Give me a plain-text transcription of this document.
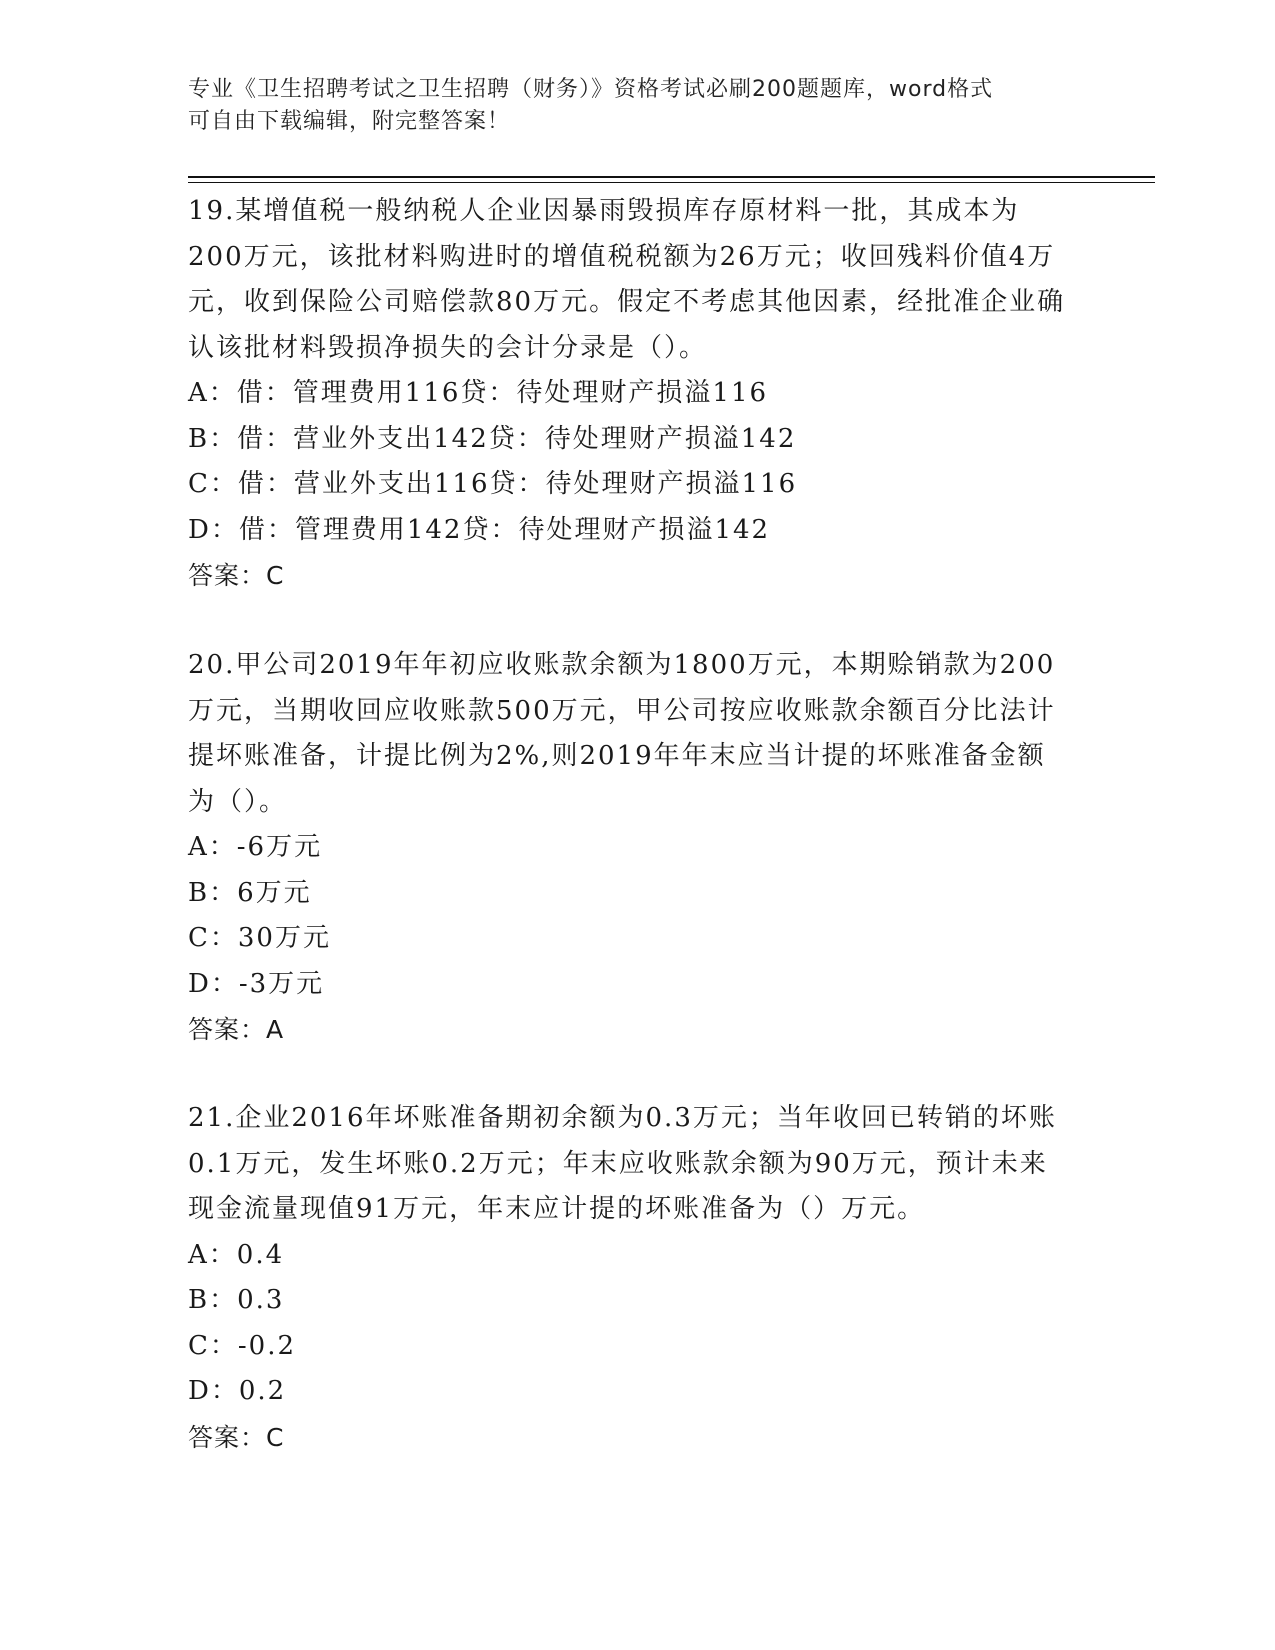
专业《卫生招聘考试之卫生招聘（财务）》资格考试必刷200题题库，word格式

可自由下载编辑，附完整答案！

19.某增值税一般纳税人企业因暴雨毁损库存原材料一批，其成本为200万元，该批材料购进时的增值税税额为26万元；收回残料价值4万元，收到保险公司赔偿款80万元。假定不考虑其他因素，经批准企业确认该批材料毁损净损失的会计分录是（）。

A：借：管理费用116贷：待处理财产损溢116

B：借：营业外支出142贷：待处理财产损溢142

C：借：营业外支出116贷：待处理财产损溢116

D：借：管理费用142贷：待处理财产损溢142

答案：C

20.甲公司2019年年初应收账款余额为1800万元，本期赊销款为200万元，当期收回应收账款500万元，甲公司按应收账款余额百分比法计提坏账准备，计提比例为2%,则2019年年末应当计提的坏账准备金额为（）。

A：-6万元

B：6万元

C：30万元

D：-3万元

答案：A

21.企业2016年坏账准备期初余额为0.3万元；当年收回已转销的坏账0.1万元，发生坏账0.2万元；年末应收账款余额为90万元，预计未来现金流量现值91万元，年末应计提的坏账准备为（）万元。

A：0.4

B：0.3

C：-0.2

D：0.2

答案：C
